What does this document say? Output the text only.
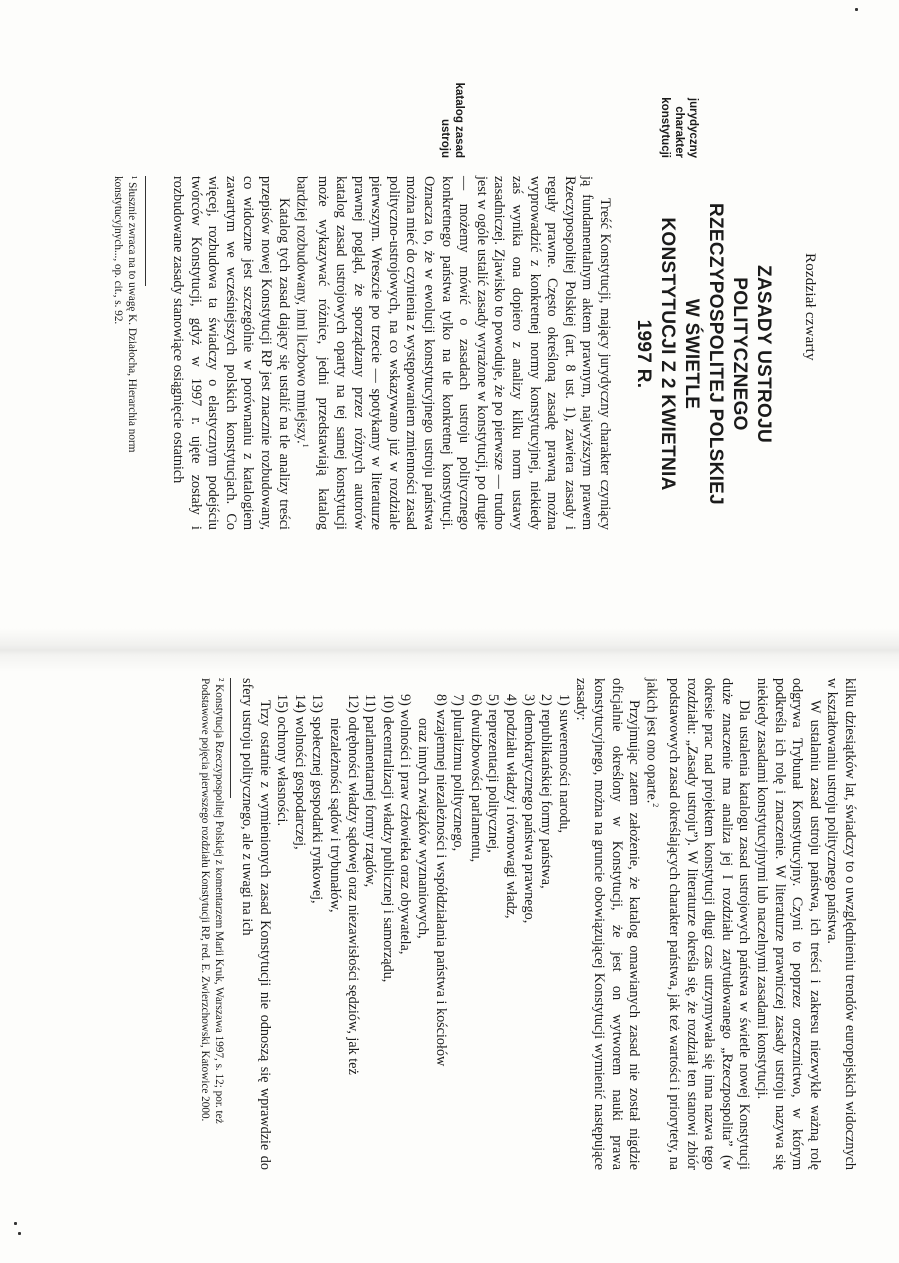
Rozdział czwarty
ZASADY USTROJU POLITYCZNEGO
RZECZYPOSPOLITEJ POLSKIEJ W ŚWIETLE
KONSTYTUCJI Z 2 KWIETNIA 1997 R.
jurydyczny
charakter
konstytucji
katalog zasad
ustroju

Treść Konstytucji, mający jurydyczny charakter czyniący ją fundamentalnym aktem prawnym, najwyższym prawem Rzeczypospolitej Polskiej (art. 8 ust. 1), zawiera zasady i reguły prawne. Często określoną zasadę prawną można wyprowadzić z konkretnej normy konstytucyjnej, niekiedy zaś wynika ona dopiero z analizy kilku norm ustawy zasadniczej. Zjawisko to powoduje, że po pierwsze — trudno jest w ogóle ustalić zasady wyrażone w konstytucji, po drugie — możemy mówić o zasadach ustroju politycznego konkretnego państwa tylko na tle konkretnej konstytucji. Oznacza to, że w ewolucji konstytucyjnego ustroju państwa można mieć do czynienia z występowaniem zmienności zasad polityczno-ustrojowych, na co wskazywano już w rozdziale pierwszym. Wreszcie po trzecie — spotykamy w literaturze prawnej pogląd, że sporządzany przez różnych autorów katalog zasad ustrojowych oparty na tej samej konstytucji może wykazywać różnice, jedni przedstawiają katalog bardziej rozbudowany, inni liczbowo mniejszy.$^1$

Katalog tych zasad dający się ustalić na tle analizy treści przepisów nowej Konstytucji RP jest znacznie rozbudowany, co widoczne jest szczególnie w porównaniu z katalogiem zawartym we wcześniejszych polskich konstytucjach. Co więcej, rozbudowa ta świadczy o elastycznym podejściu twórców Konstytucji, gdyż w 1997 r. ujęte zostały i rozbudowane zasady stanowiące osiągnięcie ostatnich

¹ Słusznie zwraca na to uwagę K. Działocha, Hierarchia norm konstytucyjnych..., op. cit., s. 92.

kilku dziesiątków lat, świadczy to o uwzględnieniu trendów europejskich widocznych w kształtowaniu ustroju politycznego państwa.

W ustalaniu zasad ustroju państwa, ich treści i zakresu niezwykle ważną rolę odgrywa Trybunał Konstytucyjny. Czyni to poprzez orzecznictwo, w którym podkreśla ich rolę i znaczenie. W literaturze prawniczej zasady ustroju nazywa się niekiedy zasadami konstytucyjnymi lub naczelnymi zasadami konstytucji.

Dla ustalenia katalogu zasad ustrojowych państwa w świetle nowej Konstytucji duże znaczenie ma analiza jej I rozdziału zatytułowanego „Rzeczpospolita” (w okresie prac nad projektem konstytucji długi czas utrzymywała się inna nazwa tego rozdziału: „Zasady ustroju”). W literaturze określa się, że rozdział ten stanowi zbiór podstawowych zasad określających charakter państwa, jak też wartości i priorytety, na jakich jest ono oparte.$^2$

Przyjmując zatem założenie, że katalog omawianych zasad nie został nigdzie oficjalnie określony w Konstytucji, że jest on wytworem nauki prawa konstytucyjnego, można na gruncie obowiązującej Konstytucji wymienić następujące zasady:

1) suwerenności narodu,
2) republikańskiej formy państwa,
3) demokratycznego państwa prawnego,
4) podziału władzy i równowagi władz,
5) reprezentacji politycznej,
6) dwuizbowości parlamentu,
7) pluralizmu politycznego,
8) wzajemnej niezależności i współdziałania państwa i kościołów
oraz innych związków wyznaniowych,
9) wolności i praw człowieka oraz obywatela,
10) decentralizacji władzy publicznej i samorządu,
11) parlamentarnej formy rządów,
12) odrębności władzy sądowej oraz niezawisłości sędziów, jak też
niezależności sądów i trybunałów,
13) społecznej gospodarki rynkowej,
14) wolności gospodarczej,
15) ochrony własności.

Trzy ostatnie z wymienionych zasad Konstytucji nie odnoszą się wprawdzie do sfery ustroju politycznego, ale z uwagi na ich

² Konstytucja Rzeczypospolitej Polskiej z komentarzem Marii Kruk, Warszawa 1997, s. 12; por. też Podstawowe pojęcia pierwszego rozdziału Konstytucji RP, red. E. Zwierzchowski, Katowice 2000.
